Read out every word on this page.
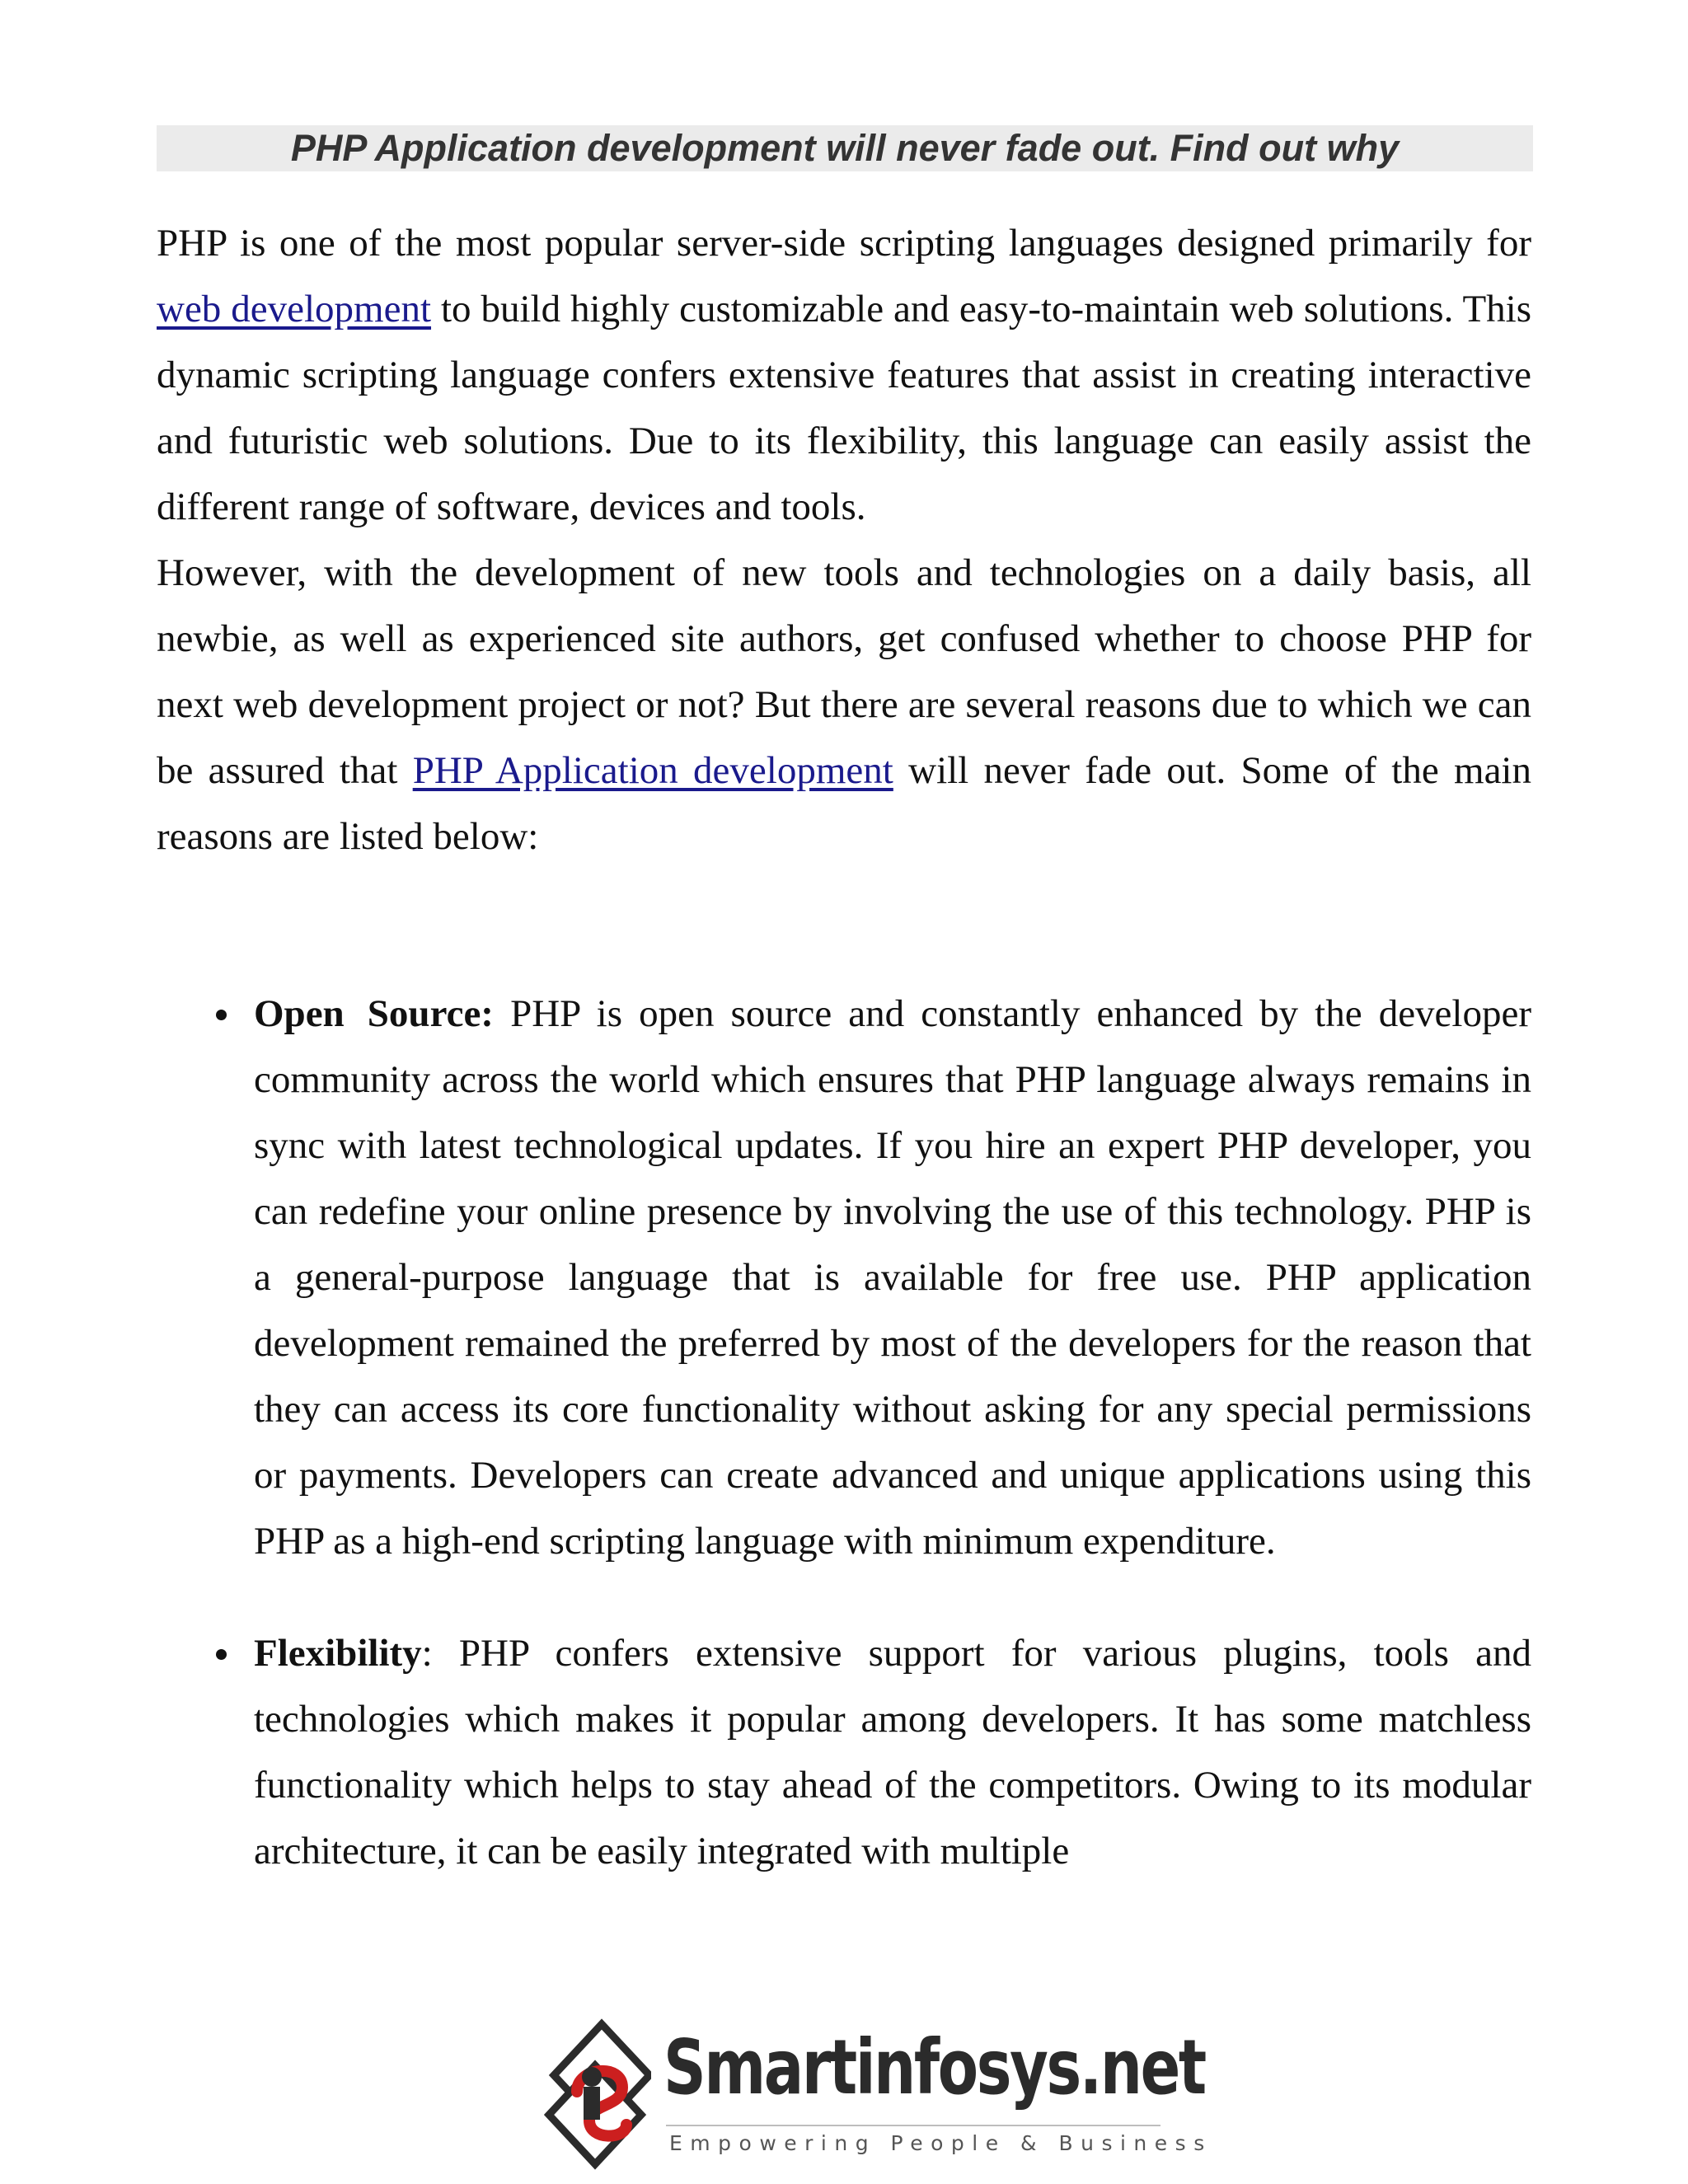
PHP Application development will never fade out. Find out why

PHP is one of the most popular server-side scripting languages designed primarily for web development to build highly customizable and easy-to-maintain web solutions. This dynamic scripting language confers extensive features that assist in creating interactive and futuristic web solutions. Due to its flexibility, this language can easily assist the different range of software, devices and tools.

However, with the development of new tools and technologies on a daily basis, all newbie, as well as experienced site authors, get confused whether to choose PHP for next web development project or not? But there are several reasons due to which we can be assured that PHP Application development will never fade out. Some of the main reasons are listed below:

Open Source: PHP is open source and constantly enhanced by the developer community across the world which ensures that PHP language always remains in sync with latest technological updates. If you hire an expert PHP developer, you can redefine your online presence by involving the use of this technology. PHP is a general-purpose language that is available for free use. PHP application development remained the preferred by most of the developers for the reason that they can access its core functionality without asking for any special permissions or payments. Developers can create advanced and unique applications using this PHP as a high-end scripting language with minimum expenditure.
Flexibility: PHP confers extensive support for various plugins, tools and technologies which makes it popular among developers. It has some matchless functionality which helps to stay ahead of the competitors. Owing to its modular architecture, it can be easily integrated with multiple
Smartinfosys.net
Empowering People & Business
